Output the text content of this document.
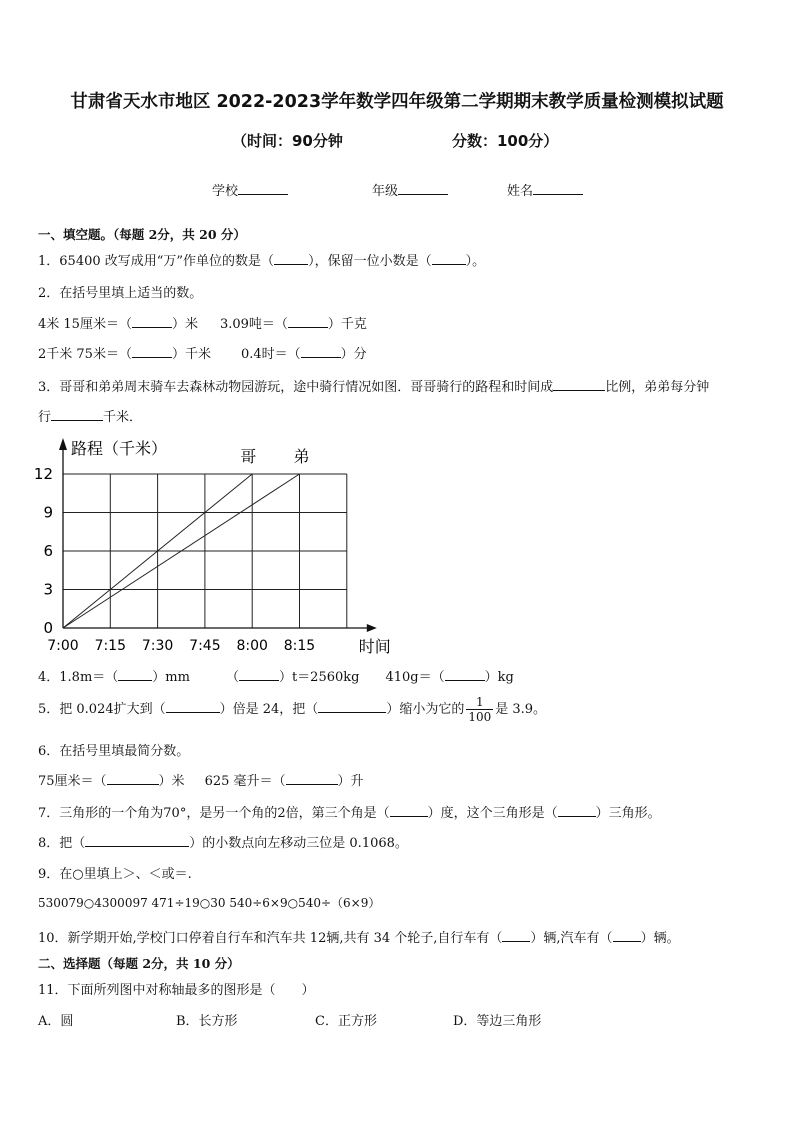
甘肃省天水市地区 2022-2023学年数学四年级第二学期期末教学质量检测模拟试题
（时间：90分钟	分数：100分）
学校	年级	姓名
一、填空题。（每题 2分，共 20 分）
1．65400 改写成用“万”作单位的数是（	），保留一位小数是（	）。
2．在括号里填上适当的数。
4米 15厘米＝（	）米 3.09吨＝（	）千克
2千米 75米＝（	）千米 0.4时＝（	）分
3．哥哥和弟弟周末骑车去森林动物园游玩，途中骑行情况如图．哥哥骑行的路程和时间成	比例，弟弟每分钟
行	千米．
0
3
6
9
12
7:00 7:15 7:30 7:45 8:00 8:15
路程（千米）
时间
哥 弟
4．1.8m＝（	）mm	（	）t＝2560kg 410g＝（	）kg
5．把 0.024扩大到（	）倍是 24，把（	）缩小为它的 $\frac{1}{100}$ 是 3.9。
6．在括号里填最简分数。
75厘米＝（	）米 625 毫升＝（	）升
7．三角形的一个角为70°，是另一个角的2倍，第三个角是（	）度，这个三角形是（	）三角形。
8．把（	）的小数点向左移动三位是 0.1068。
9．在○里填上＞、＜或＝.
530079○4300097 471÷19○30 540÷6×9○540÷（6×9）
10．新学期开始,学校门口停着自行车和汽车共 12辆,共有 34 个轮子,自行车有（ ）辆,汽车有（ ）辆。
二、选择题（每题 2分，共 10 分）
11．下面所列图中对称轴最多的图形是（　　）
A．圆	B．长方形	C．正方形	D．等边三角形
